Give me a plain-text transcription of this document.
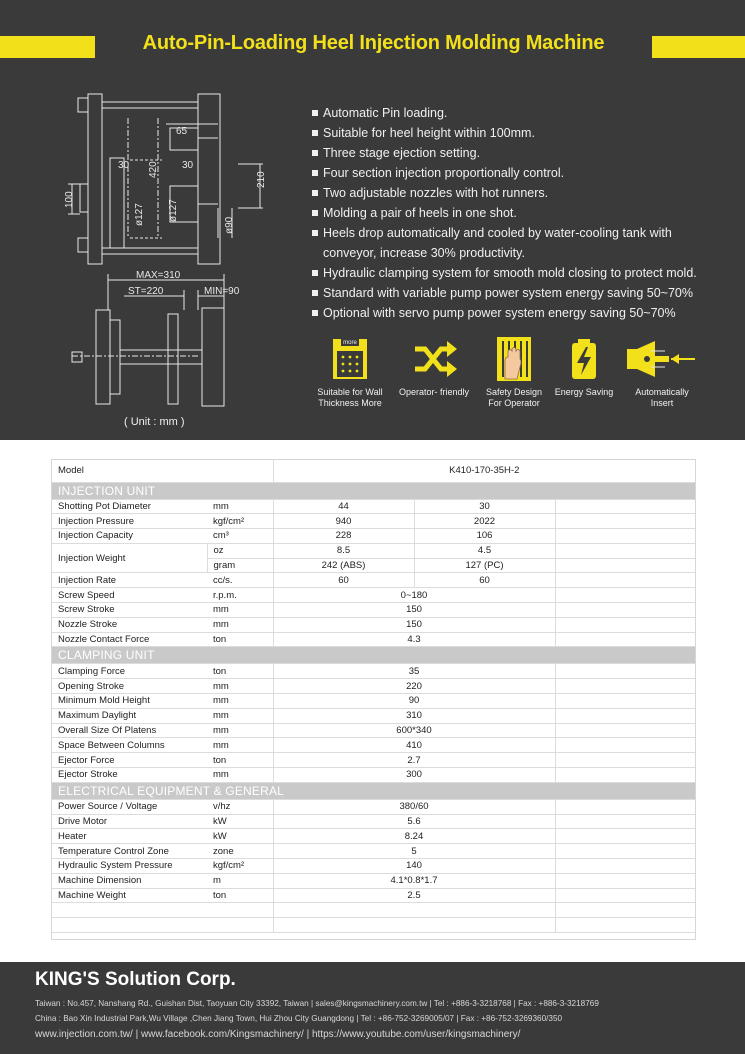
Auto-Pin-Loading Heel Injection Molding Machine
100
ø127
30 420 30
65
ø127
210
ø90
MAX=310
ST=220	MIN=90
( Unit : mm )
Automatic Pin loading.
Suitable for heel height within 100mm.
Three stage ejection setting.
Four section injection proportionally control.
Two adjustable nozzles with hot runners.
Molding a pair of heels in one shot.
Heels drop automatically and cooled by water-cooling tank with
conveyor, increase 30% productivity.
Hydraulic clamping system for smooth mold closing to protect mold.
Standard with variable pump power system energy saving 50~70%
Optional with servo pump power system energy saving 50~70%
more
Suitable for Wall
Thickness More
Operator- friendly	Safety Design
For Operator
Energy Saving	Automatically
Insert
Model		K410-170-35H-2		
INJECTION UNIT				
Shotting Pot Diameter	mm	44	30	
Injection Pressure	kgf/cm²	940	2022	
Injection Capacity	cm³	228	106	
Injection Weight	oz	8.5	4.5	
	gram	242 (ABS)	127 (PC)	
Injection Rate	cc/s.	60	60	
Screw Speed	r.p.m.	0~180		
Screw Stroke	mm	150		
Nozzle Stroke	mm	150		
Nozzle Contact Force	ton	4.3		
CLAMPING UNIT				
Clamping Force	ton	35		
Opening Stroke	mm	220		
Minimum Mold Height	mm	90		
Maximum Daylight	mm	310		
Overall Size Of Platens	mm	600*340		
Space Between Columns	mm	410		
Ejector Force	ton	2.7		
Ejector Stroke	mm	300		
ELECTRICAL EQUIPMENT & GENERAL				
Power Source / Voltage	v/hz	380/60		
Drive Motor	kW	5.6		
Heater	kW	8.24		
Temperature Control Zone	zone	5		
Hydraulic System Pressure	kgf/cm²	140		
Machine Dimension	m	4.1*0.8*1.7		
Machine Weight	ton	2.5		

KING'S Solution Corp.
Taiwan : No.457, Nanshang Rd., Guishan Dist, Taoyuan City 33392, Taiwan | sales@kingsmachinery.com.tw | Tel : +886-3-3218768 | Fax : +886-3-3218769
China : Bao Xin Industrial Park,Wu Village ,Chen Jiang Town, Hui Zhou City Guangdong | Tel : +86-752-3269005/07 | Fax : +86-752-3269360/350
www.injection.com.tw/ | www.facebook.com/Kingsmachinery/ | https://www.youtube.com/user/kingsmachinery/
